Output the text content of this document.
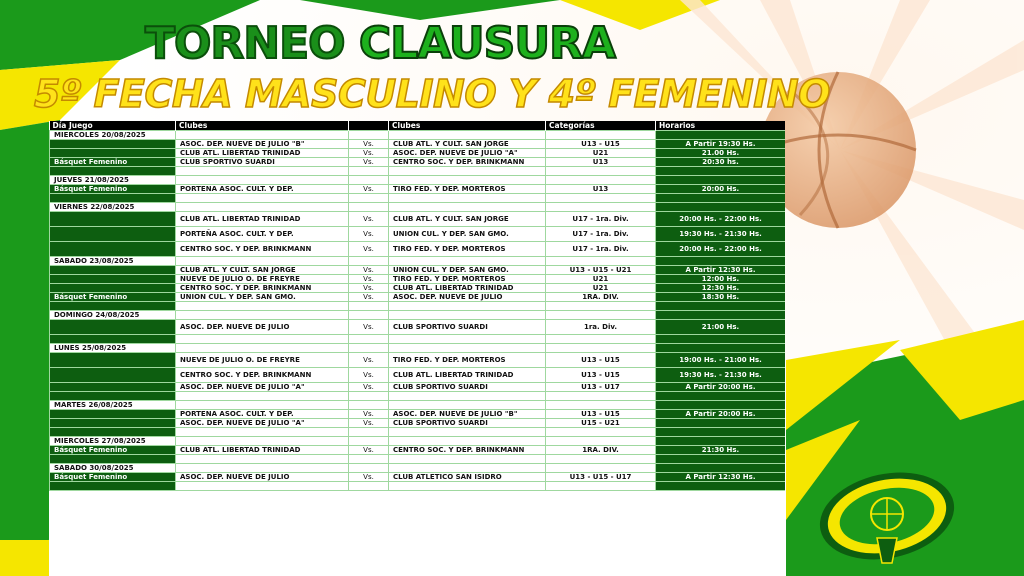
TORNEO CLAUSURA
5º FECHA MASCULINO Y 4º FEMENINO
Día Juego	Clubes		Clubes	Categorías	Horarios
MIERCOLES 20/08/2025					
	ASOC. DEP. NUEVE DE JULIO "B"	Vs.	CLUB ATL. Y CULT. SAN JORGE	U13 - U15	A Partir 19:30 Hs.
	CLUB ATL. LIBERTAD TRINIDAD	Vs.	ASOC. DEP. NUEVE DE JULIO "A"	U21	21.00 Hs.
Básquet Femenino	CLUB SPORTIVO SUARDI	Vs.	CENTRO SOC. Y DEP. BRINKMANN	U13	20:30 hs.

JUEVES 21/08/2025					
Básquet Femenino	PORTEÑA ASOC. CULT. Y DEP.	Vs.	TIRO FED. Y DEP. MORTEROS	U13	20:00 Hs.

VIERNES 22/08/2025					
	CLUB ATL. LIBERTAD TRINIDAD	Vs.	CLUB ATL. Y CULT. SAN JORGE	U17 - 1ra. Div.	20:00 Hs. - 22:00 Hs.
	PORTEÑA ASOC. CULT. Y DEP.	Vs.	UNION CUL. Y DEP. SAN GMO.	U17 - 1ra. Div.	19:30 Hs. - 21:30 Hs.
	CENTRO SOC. Y DEP. BRINKMANN	Vs.	TIRO FED. Y DEP. MORTEROS	U17 - 1ra. Div.	20:00 Hs. - 22:00 Hs.
SABADO 23/08/2025					
	CLUB ATL. Y CULT. SAN JORGE	Vs.	UNION CUL. Y DEP. SAN GMO.	U13 - U15 - U21	A Partir 12:30 Hs.
	NUEVE DE JULIO O. DE FREYRE	Vs.	TIRO FED. Y DEP. MORTEROS	U21	12:00 Hs.
	CENTRO SOC. Y DEP. BRINKMANN	Vs.	CLUB ATL. LIBERTAD TRINIDAD	U21	12:30 Hs.
Básquet Femenino	UNION CUL. Y DEP. SAN GMO.	Vs.	ASOC. DEP. NUEVE DE JULIO	1RA. DIV.	18:30 Hs.

DOMINGO 24/08/2025					
	ASOC. DEP. NUEVE DE JULIO	Vs.	CLUB SPORTIVO SUARDI	1ra. Div.	21:00 Hs.

LUNES 25/08/2025					
	NUEVE DE JULIO O. DE FREYRE	Vs.	TIRO FED. Y DEP. MORTEROS	U13 - U15	19:00 Hs. - 21:00 Hs.
	CENTRO SOC. Y DEP. BRINKMANN	Vs.	CLUB ATL. LIBERTAD TRINIDAD	U13 - U15	19:30 Hs. - 21:30 Hs.
	ASOC. DEP. NUEVE DE JULIO "A"	Vs.	CLUB SPORTIVO SUARDI	U13 - U17	A Partir 20:00 Hs.

MARTES 26/08/2025					
	PORTEÑA ASOC. CULT. Y DEP.	Vs.	ASOC. DEP. NUEVE DE JULIO "B"	U13 - U15	A Partir 20:00 Hs.
	ASOC. DEP. NUEVE DE JULIO "A"	Vs.	CLUB SPORTIVO SUARDI	U15 - U21	

MIERCOLES 27/08/2025					
Básquet Femenino	CLUB ATL. LIBERTAD TRINIDAD	Vs.	CENTRO SOC. Y DEP. BRINKMANN	1RA. DIV.	21:30 Hs.

SABADO 30/08/2025					
Básquet Femenino	ASOC. DEP. NUEVE DE JULIO	Vs.	CLUB ATLETICO SAN ISIDRO	U13 - U15 - U17	A Partir 12:30 Hs.
